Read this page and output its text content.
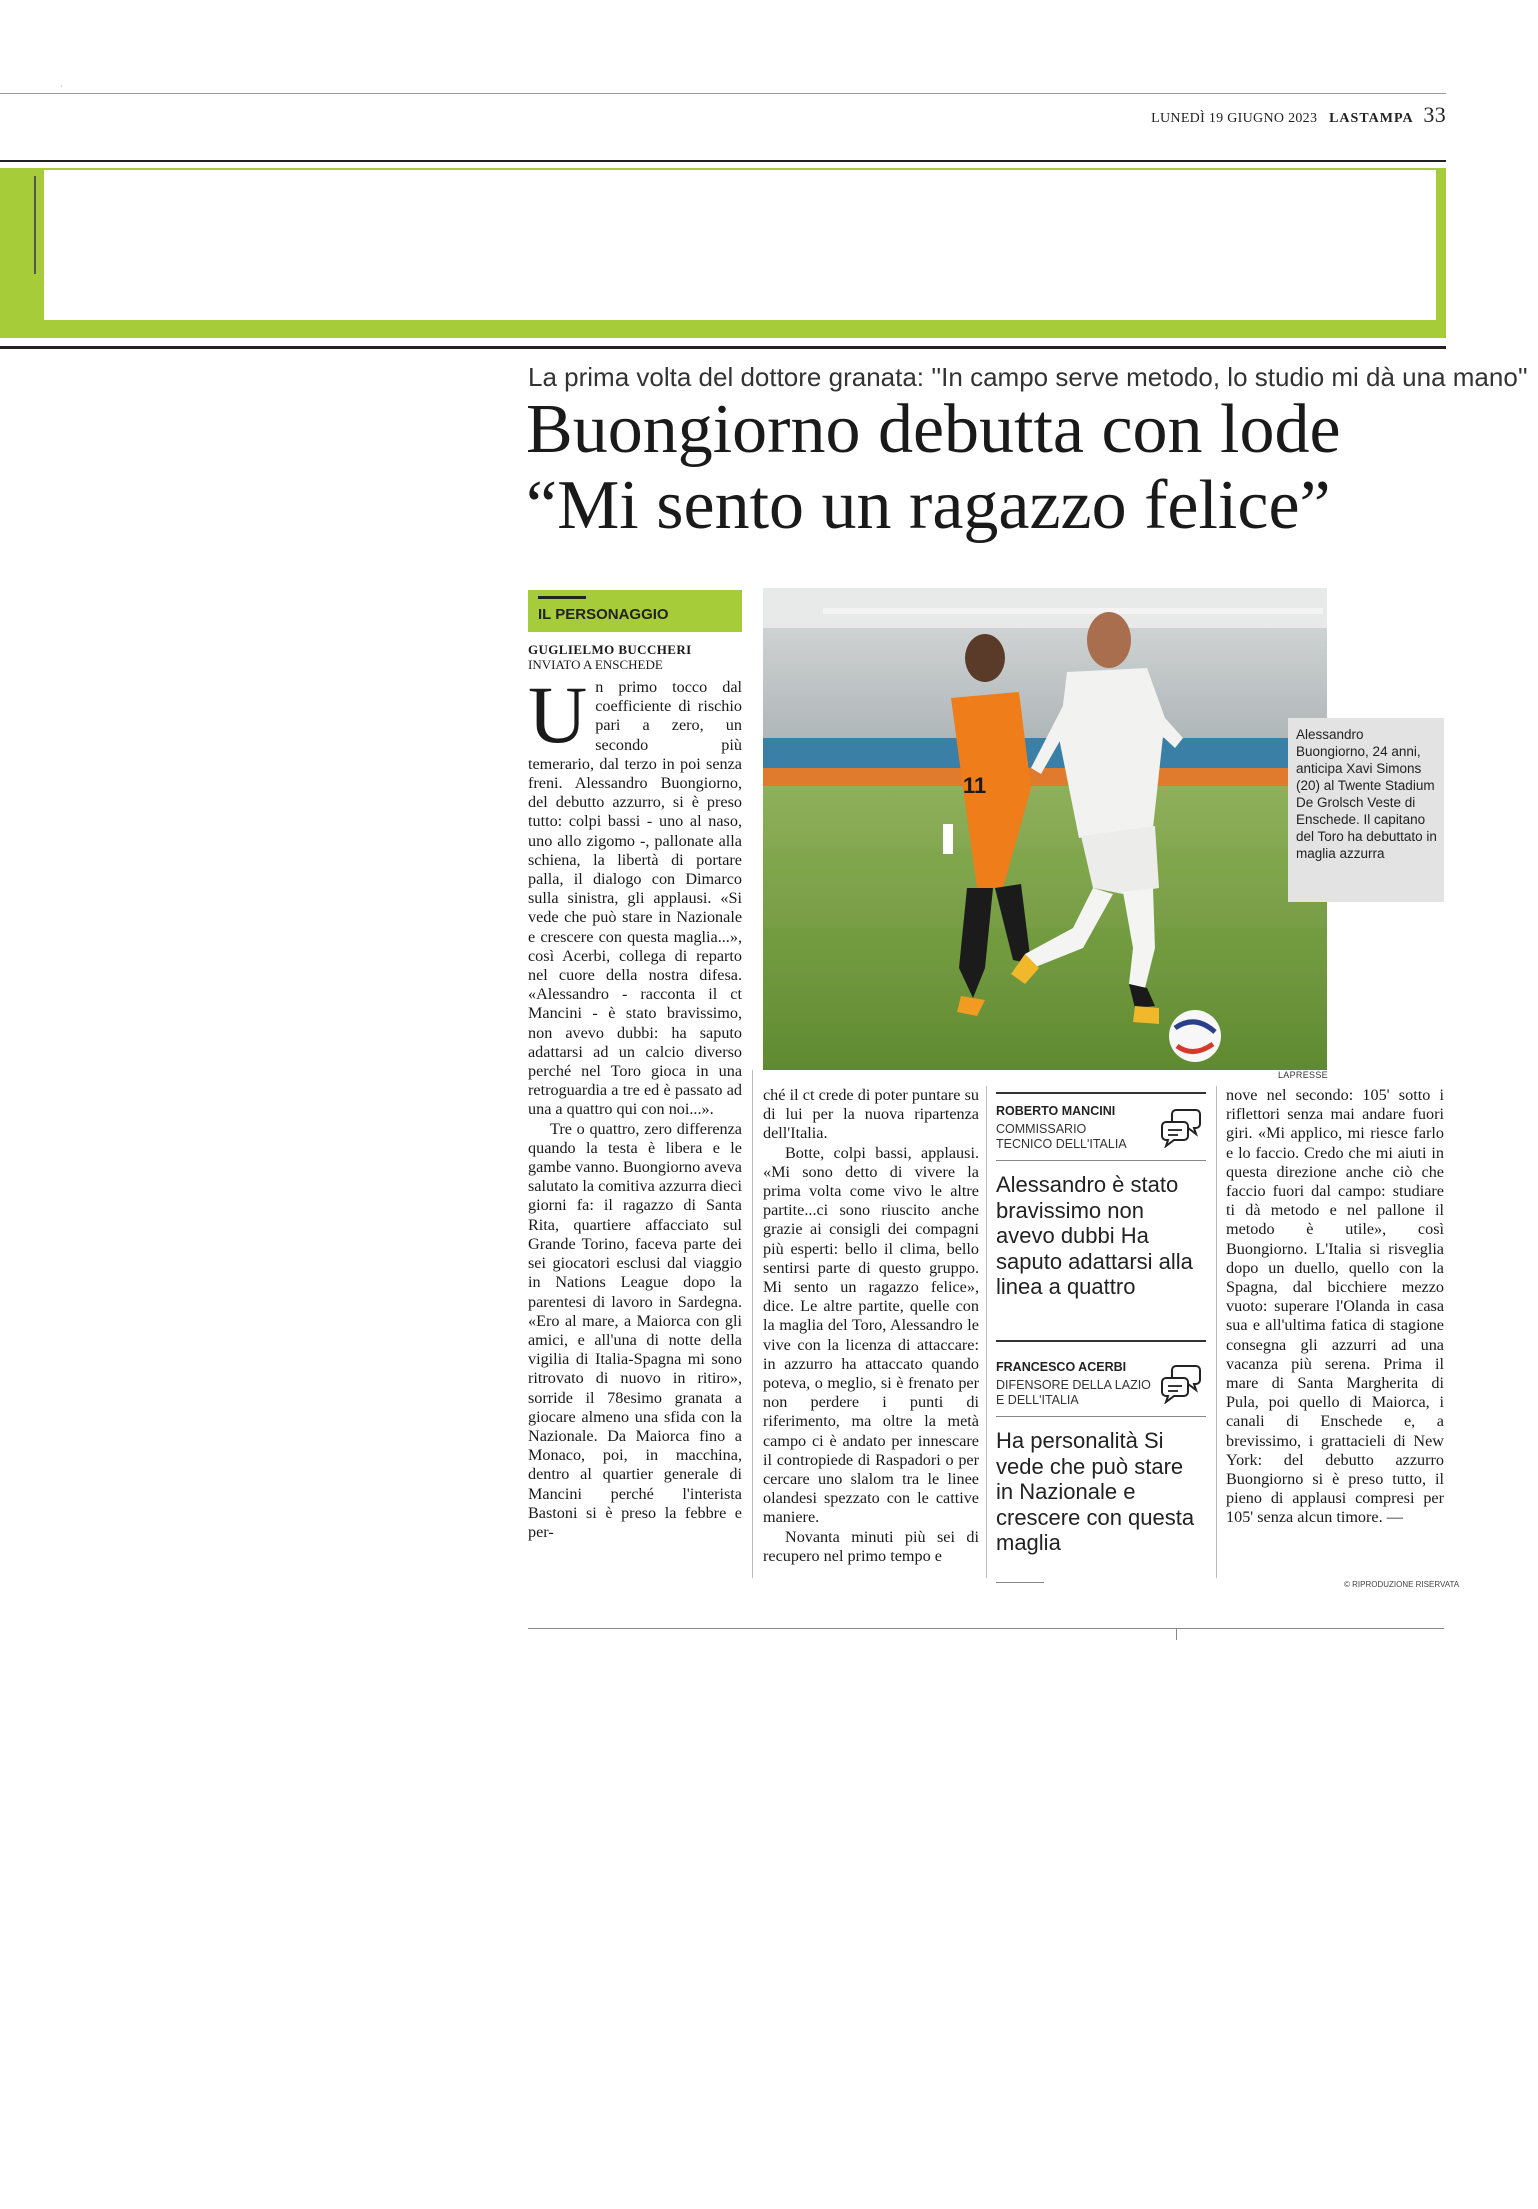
·
LUNEDÌ 19 GIUGNO 2023 LASTAMPA 33
La prima volta del dottore granata: ''In campo serve metodo, lo studio mi dà una mano''
Buongiorno debutta con lode
“Mi sento un ragazzo felice”
IL PERSONAGGIO
GUGLIELMO BUCCHERI
INVIATO A ENSCHEDE

Un primo tocco dal coefficiente di rischio pari a zero, un secondo più temerario, dal terzo in poi senza freni. Alessandro Buongiorno, del debutto azzurro, si è preso tutto: colpi bassi - uno al naso, uno allo zigomo -, pallonate alla schiena, la libertà di portare palla, il dialogo con Dimarco sulla sinistra, gli applausi. «Si vede che può stare in Nazionale e crescere con questa maglia...», così Acerbi, collega di reparto nel cuore della nostra difesa. «Alessandro - racconta il ct Mancini - è stato bravissimo, non avevo dubbi: ha saputo adattarsi ad un calcio diverso perché nel Toro gioca in una retroguardia a tre ed è passato ad una a quattro qui con noi...».

Tre o quattro, zero differenza quando la testa è libera e le gambe vanno. Buongiorno aveva salutato la comitiva azzurra dieci giorni fa: il ragazzo di Santa Rita, quartiere affacciato sul Grande Torino, faceva parte dei sei giocatori esclusi dal viaggio in Nations League dopo la parentesi di lavoro in Sardegna. «Ero al mare, a Maiorca con gli amici, e all'una di notte della vigilia di Italia-Spagna mi sono ritrovato di nuovo in ritiro», sorride il 78esimo granata a giocare almeno una sfida con la Nazionale. Da Maiorca fino a Monaco, poi, in macchina, dentro al quartier generale di Mancini perché l'interista Bastoni si è preso la febbre e per-

11
Alessandro Buongiorno, 24 anni, anticipa Xavi Simons (20) al Twente Stadium De Grolsch Veste di Enschede. Il capitano del Toro ha debuttato in maglia azzurra
LAPRESSE

ché il ct crede di poter puntare su di lui per la nuova ripartenza dell'Italia.

Botte, colpi bassi, applausi. «Mi sono detto di vivere la prima volta come vivo le altre partite...ci sono riuscito anche grazie ai consigli dei compagni più esperti: bello il clima, bello sentirsi parte di questo gruppo. Mi sento un ragazzo felice», dice. Le altre partite, quelle con la maglia del Toro, Alessandro le vive con la licenza di attaccare: in azzurro ha attaccato quando poteva, o meglio, si è frenato per non perdere i punti di riferimento, ma oltre la metà campo ci è andato per innescare il contropiede di Raspadori o per cercare uno slalom tra le linee olandesi spezzato con le cattive maniere.

Novanta minuti più sei di recupero nel primo tempo e

ROBERTO MANCINI
COMMISSARIO TECNICO DELL'ITALIA
Alessandro è stato bravissimo non avevo dubbi Ha saputo adattarsi alla linea a quattro
FRANCESCO ACERBI
DIFENSORE DELLA LAZIO E DELL'ITALIA
Ha personalità Si vede che può stare in Nazionale e crescere con questa maglia

nove nel secondo: 105' sotto i riflettori senza mai andare fuori giri. «Mi applico, mi riesce farlo e lo faccio. Credo che mi aiuti in questa direzione anche ciò che faccio fuori dal campo: studiare ti dà metodo e nel pallone il metodo è utile», così Buongiorno. L'Italia si risveglia dopo un duello, quello con la Spagna, dal bicchiere mezzo vuoto: superare l'Olanda in casa sua e all'ultima fatica di stagione consegna gli azzurri ad una vacanza più serena. Prima il mare di Santa Margherita di Pula, poi quello di Maiorca, i canali di Enschede e, a brevissimo, i grattacieli di New York: del debutto azzurro Buongiorno si è preso tutto, il pieno di applausi compresi per 105' senza alcun timore. —

© RIPRODUZIONE RISERVATA
